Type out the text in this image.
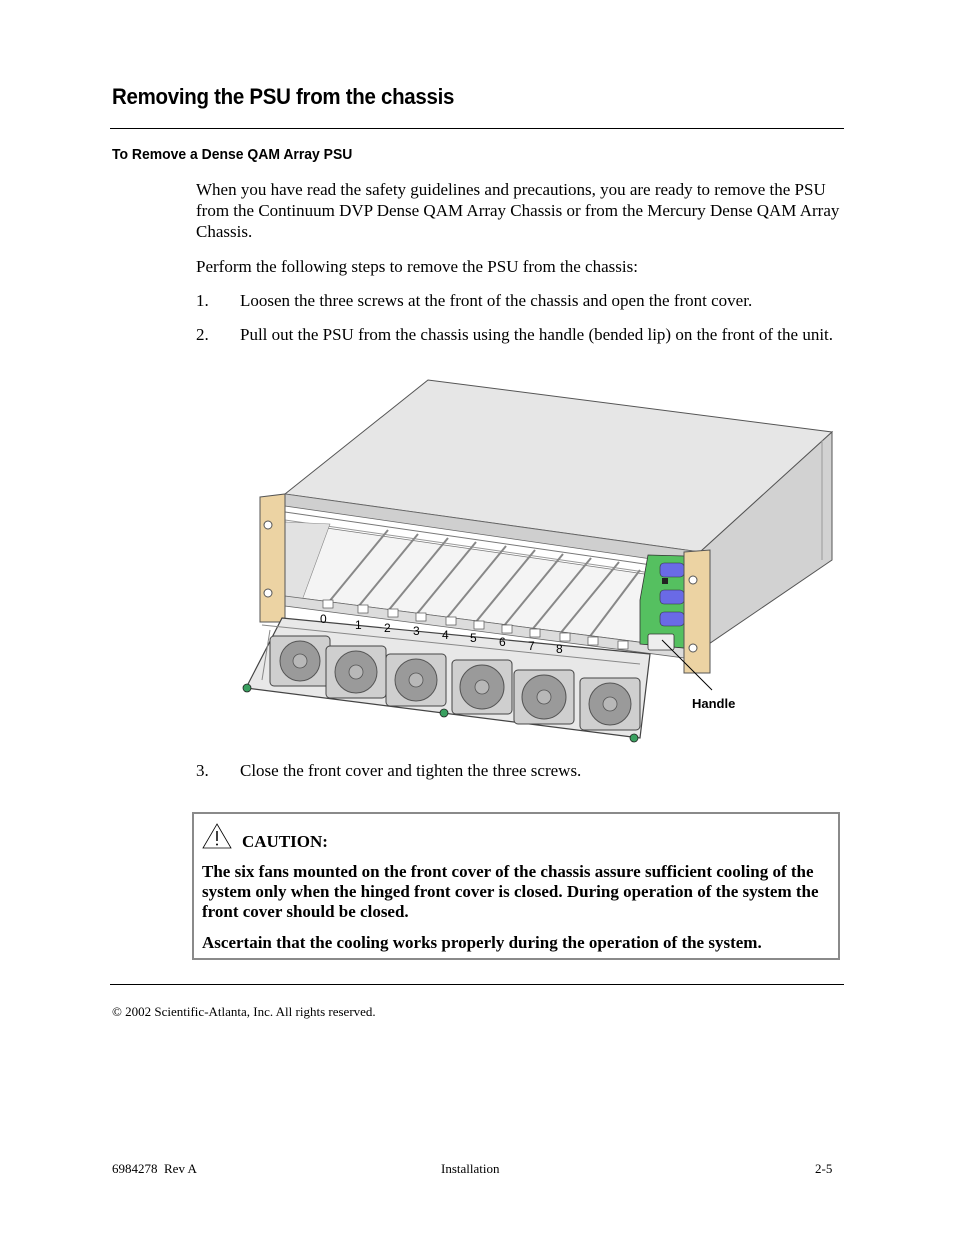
Removing the PSU from the chassis
To Remove a Dense QAM Array PSU
When you have read the safety guidelines and precautions, you are ready to remove the PSU from the Continuum DVP Dense QAM Array Chassis or from the Mercury Dense QAM Array Chassis.
Perform the following steps to remove the PSU from the chassis:
1. Loosen the three screws at the front of the chassis and open the front cover.
2. Pull out the PSU from the chassis using the handle (bended lip) on the front of the unit.
0 1 2 3 4 5 6 7 8
Handle
3. Close the front cover and tighten the three screws.
CAUTION:
The six fans mounted on the front cover of the chassis assure sufficient cooling of the system only when the hinged front cover is closed. During operation of the system the front cover should be closed.
Ascertain that the cooling works properly during the operation of the system.
© 2002 Scientific-Atlanta, Inc. All rights reserved.
6984278  Rev A	Installation	2-5
